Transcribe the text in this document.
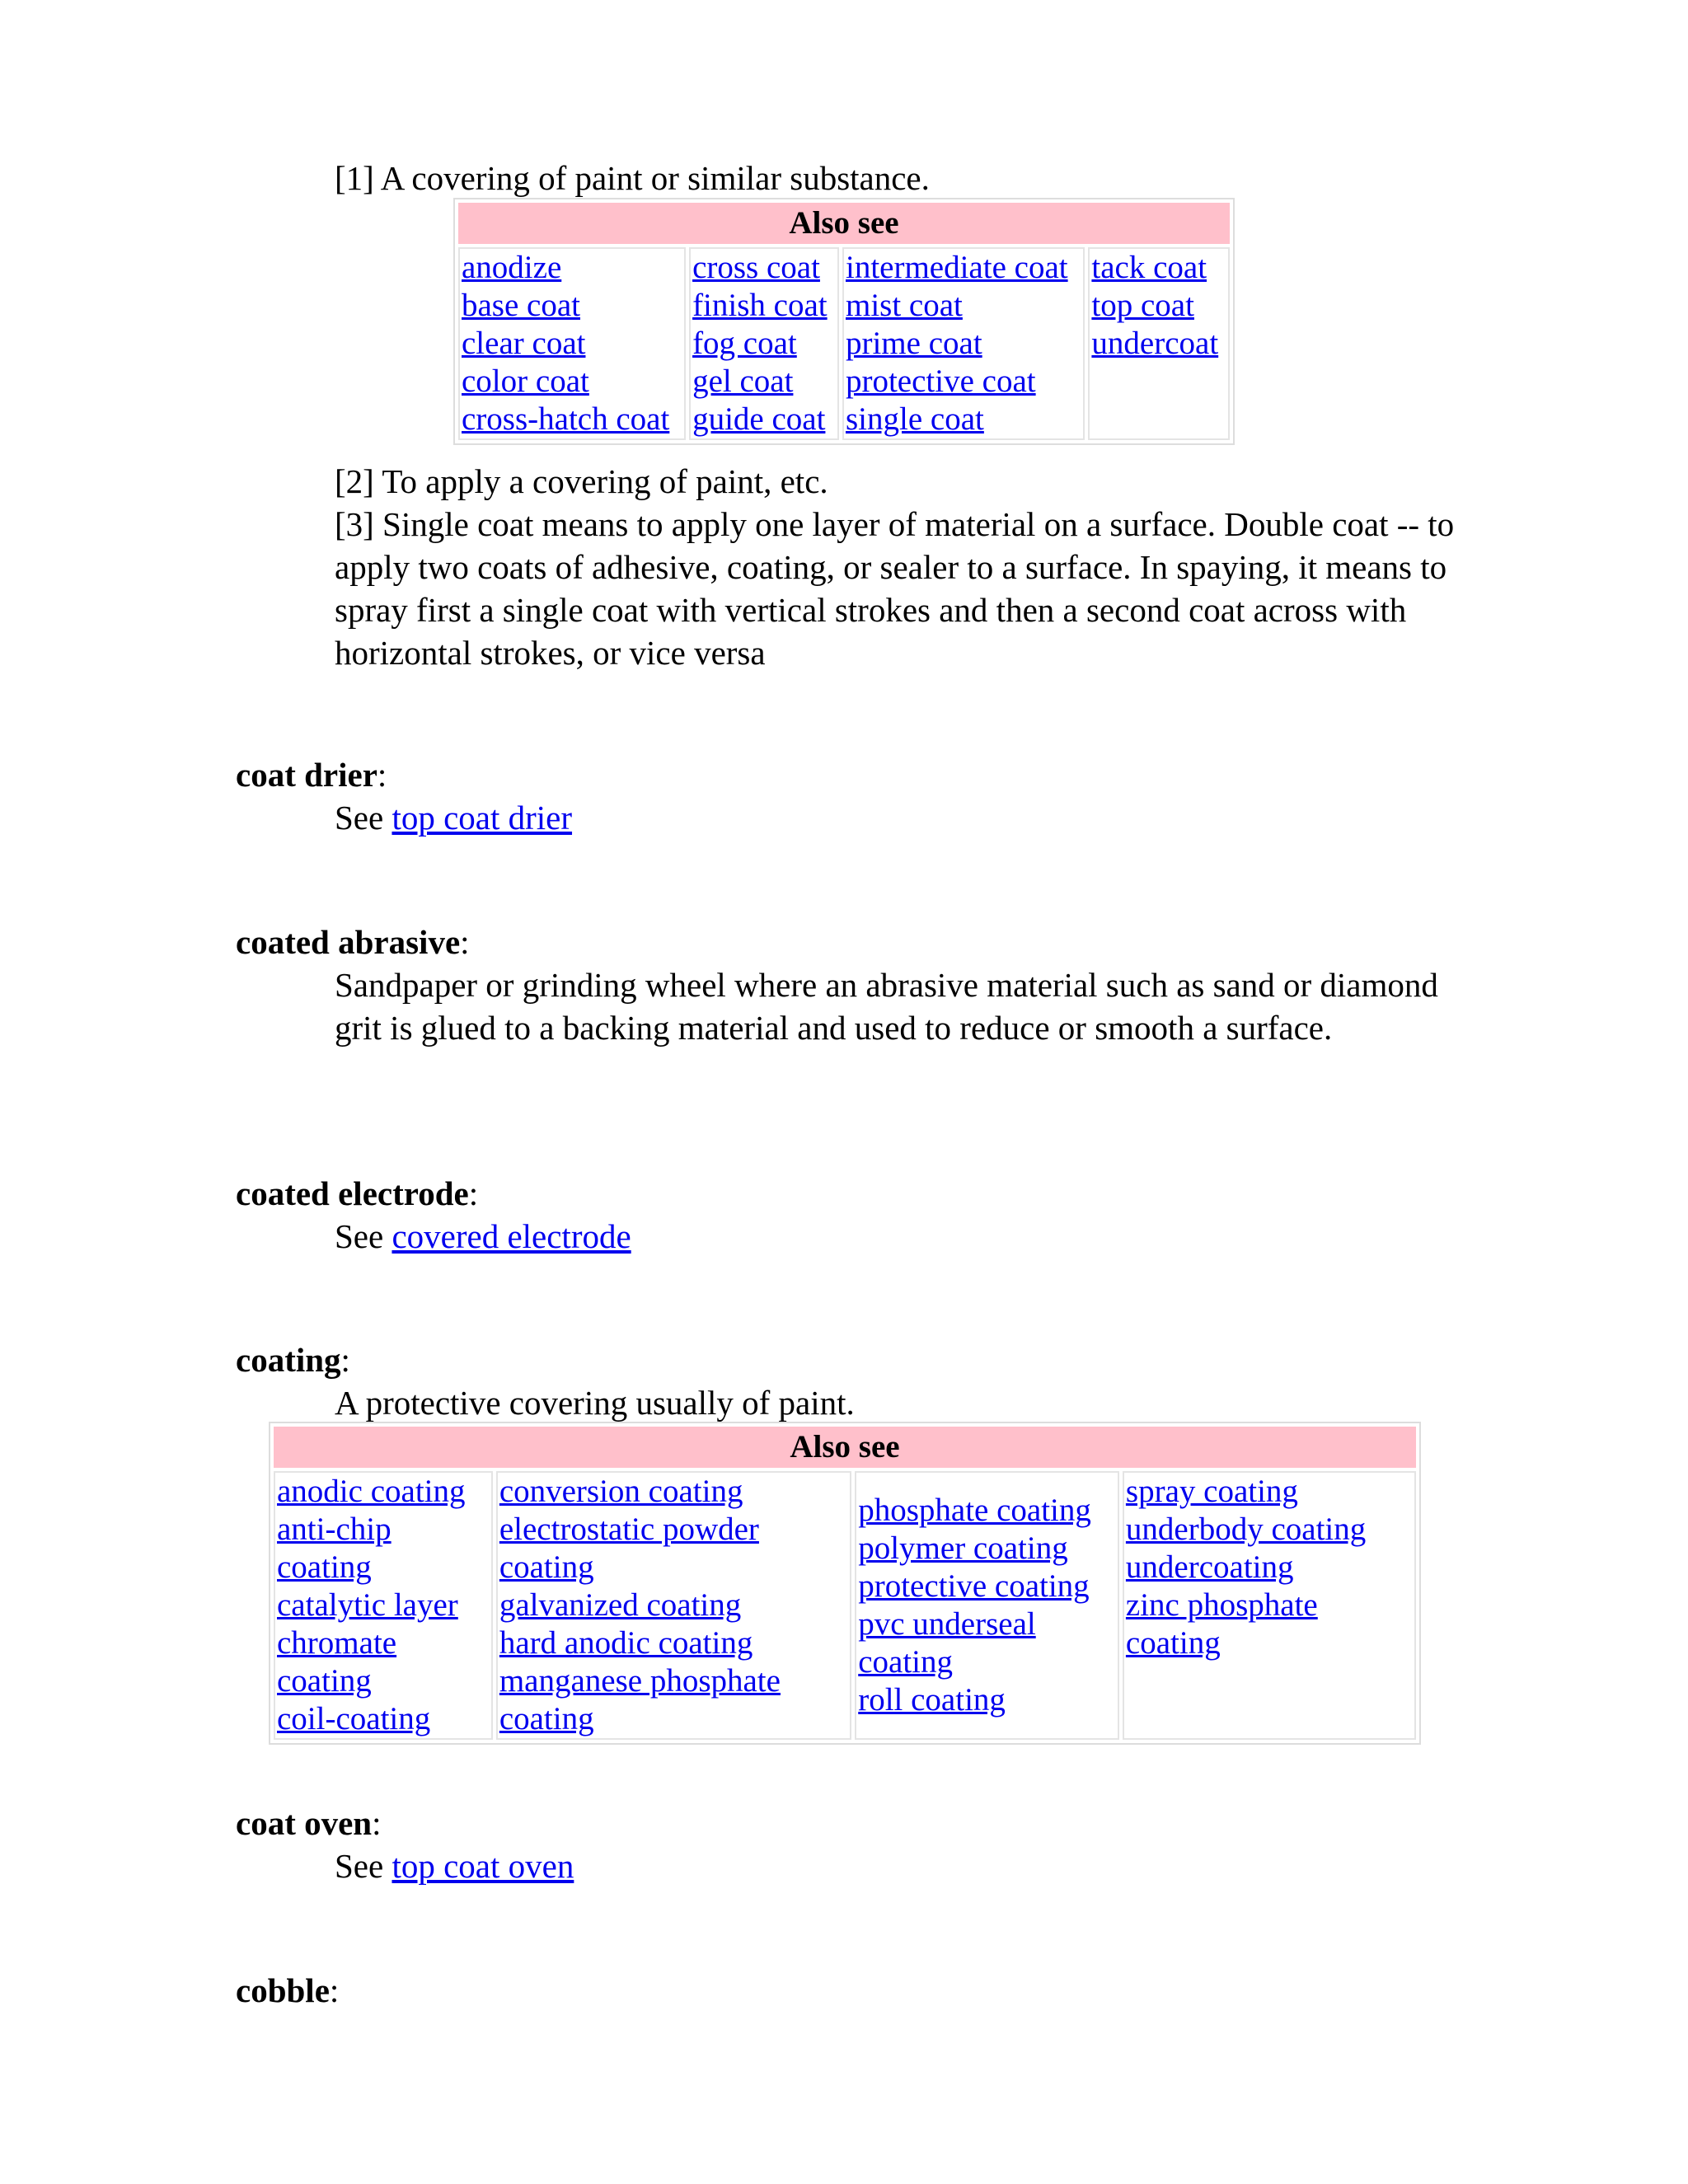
[1] A covering of paint or similar substance.

Also see

anodize
base coat
clear coat
color coat
cross-hatch coat

cross coat
finish coat
fog coat
gel coat
guide coat

intermediate coat
mist coat
prime coat
protective coat
single coat

tack coat
top coat
undercoat

[2] To apply a covering of paint, etc.

[3] Single coat means to apply one layer of material on a surface. Double coat -- to apply two coats of adhesive, coating, or sealer to a surface. In spaying, it means to spray first a single coat with vertical strokes and then a second coat across with horizontal strokes, or vice versa

coat drier:

See top coat drier

coated abrasive:

Sandpaper or grinding wheel where an abrasive material such as sand or diamond grit is glued to a backing material and used to reduce or smooth a surface.

coated electrode:

See covered electrode

coating:

A protective covering usually of paint.

Also see

anodic coating
anti-chip coating
catalytic layer
chromate coating
coil-coating

conversion coating
electrostatic powder coating
galvanized coating
hard anodic coating
manganese phosphate coating

phosphate coating
polymer coating
protective coating
pvc underseal coating
roll coating

spray coating
underbody coating
undercoating
zinc phosphate coating

coat oven:

See top coat oven

cobble:
